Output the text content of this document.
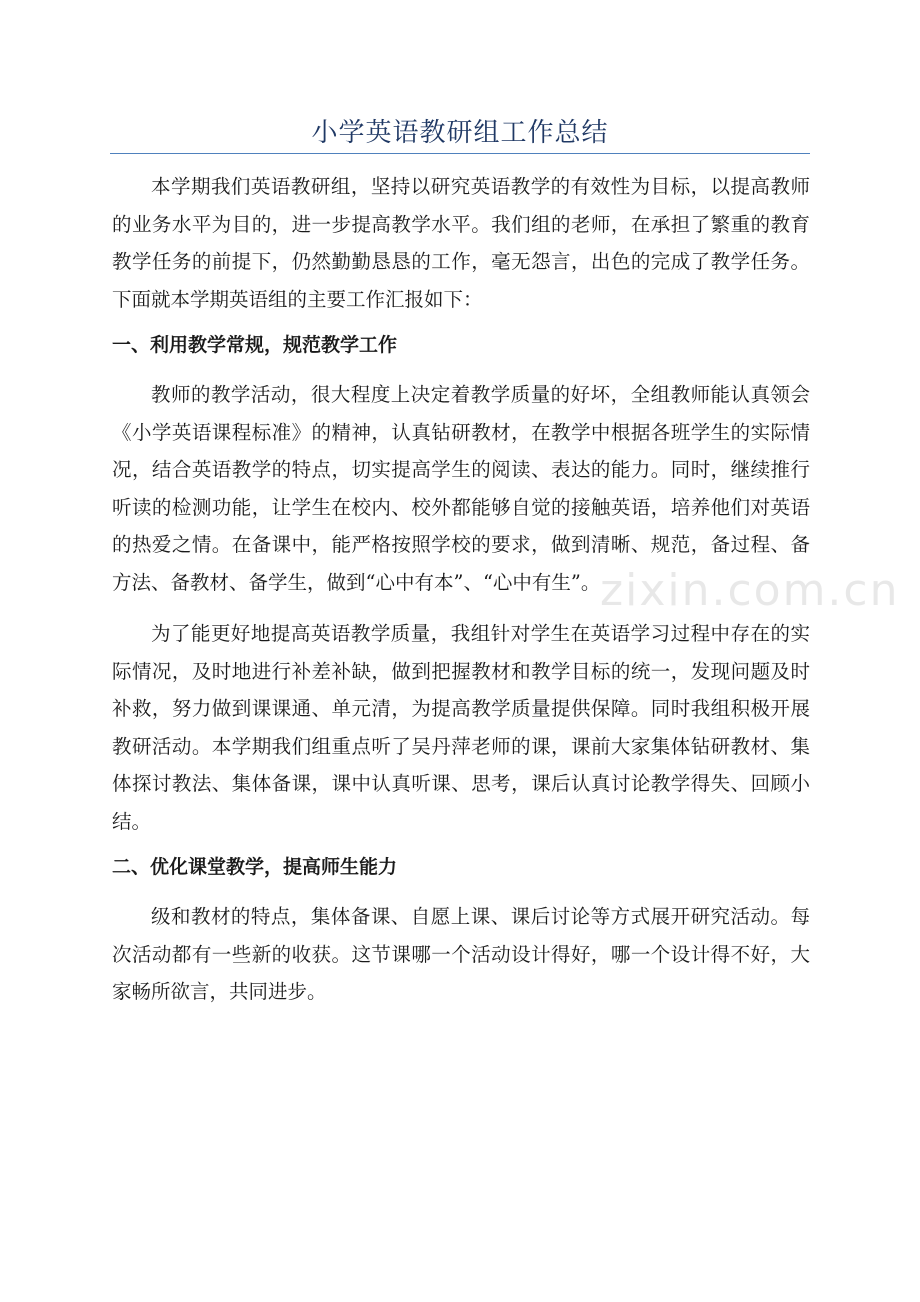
小学英语教研组工作总结

本学期我们英语教研组，坚持以研究英语教学的有效性为目标，以提高教师的业务水平为目的，进一步提高教学水平。我们组的老师，在承担了繁重的教育教学任务的前提下，仍然勤勤恳恳的工作，毫无怨言，出色的完成了教学任务。下面就本学期英语组的主要工作汇报如下：

一、利用教学常规，规范教学工作

教师的教学活动，很大程度上决定着教学质量的好坏，全组教师能认真领会《小学英语课程标准》的精神，认真钻研教材，在教学中根据各班学生的实际情况，结合英语教学的特点，切实提高学生的阅读、表达的能力。同时，继续推行听读的检测功能，让学生在校内、校外都能够自觉的接触英语，培养他们对英语的热爱之情。在备课中，能严格按照学校的要求，做到清晰、规范，备过程、备方法、备教材、备学生，做到“心中有本”、“心中有生”。

为了能更好地提高英语教学质量，我组针对学生在英语学习过程中存在的实际情况，及时地进行补差补缺，做到把握教材和教学目标的统一，发现问题及时补救，努力做到课课通、单元清，为提高教学质量提供保障。同时我组积极开展教研活动。本学期我们组重点听了吴丹萍老师的课，课前大家集体钻研教材、集体探讨教法、集体备课，课中认真听课、思考，课后认真讨论教学得失、回顾小结。

二、优化课堂教学，提高师生能力

级和教材的特点，集体备课、自愿上课、课后讨论等方式展开研究活动。每次活动都有一些新的收获。这节课哪一个活动设计得好，哪一个设计得不好，大家畅所欲言，共同进步。

zixin.com.cn
